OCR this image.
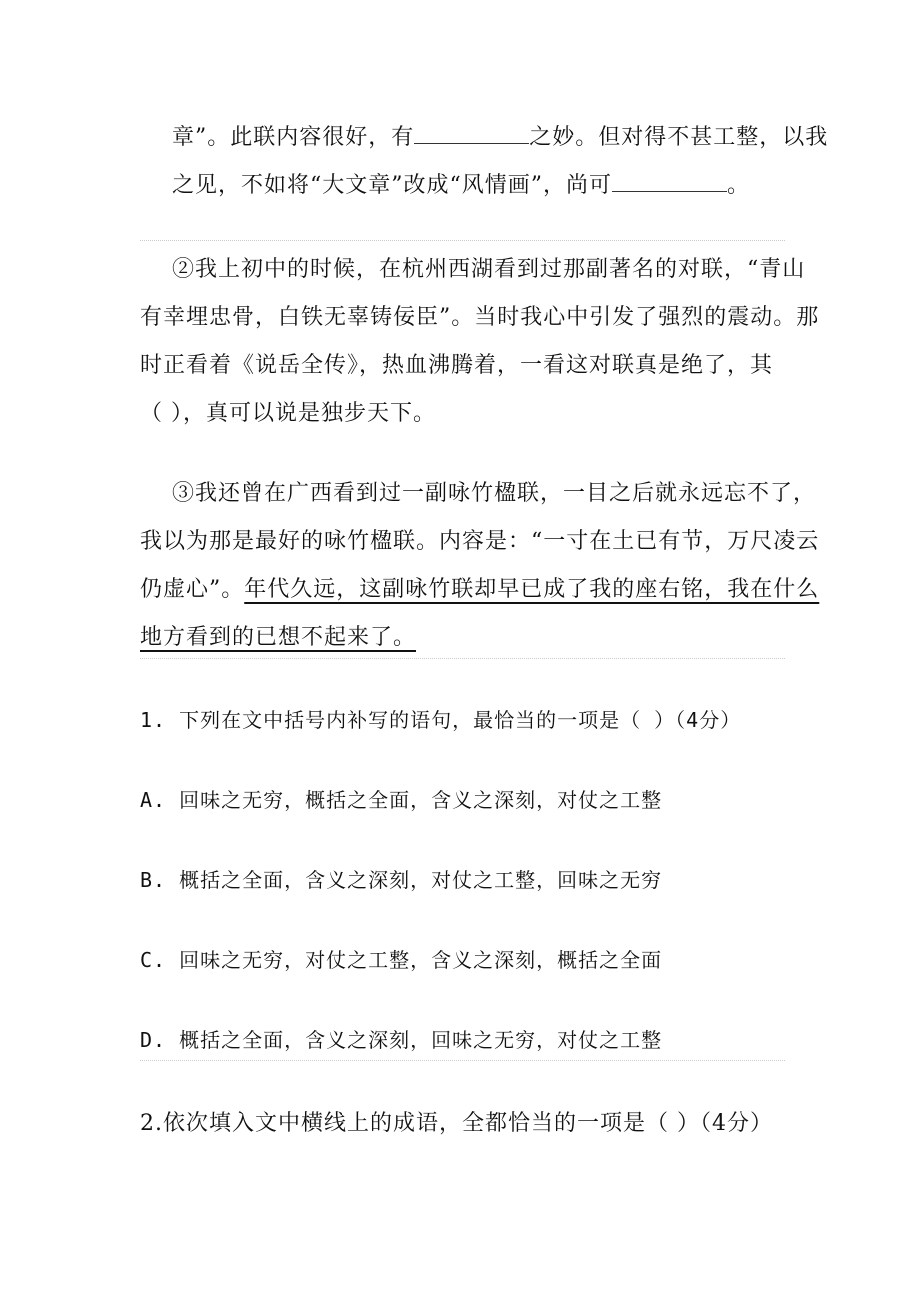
章”。此联内容很好，有	之妙。但对得不甚工整，以我
之见，不如将“大文章”改成“风情画”，尚可	。
②我上初中的时候，在杭州西湖看到过那副著名的对联，“青山
有幸埋忠骨，白铁无辜铸佞臣”。当时我心中引发了强烈的震动。那
时正看着《说岳全传》，热血沸腾着，一看这对联真是绝了，其
（ ），真可以说是独步天下。
③我还曾在广西看到过一副咏竹楹联，一目之后就永远忘不了，
我以为那是最好的咏竹楹联。内容是：“一寸在土已有节，万尺凌云
仍虚心”。年代久远，这副咏竹联却早已成了我的座右铭，我在什么
地方看到的已想不起来了。
1. 下列在文中括号内补写的语句，最恰当的一项是（ ）（4分）
A. 回味之无穷，概括之全面，含义之深刻，对仗之工整
B. 概括之全面，含义之深刻，对仗之工整，回味之无穷
C. 回味之无穷，对仗之工整，含义之深刻，概括之全面
D. 概括之全面，含义之深刻，回味之无穷，对仗之工整
2.依次填入文中横线上的成语，全都恰当的一项是（ ）（4分）
